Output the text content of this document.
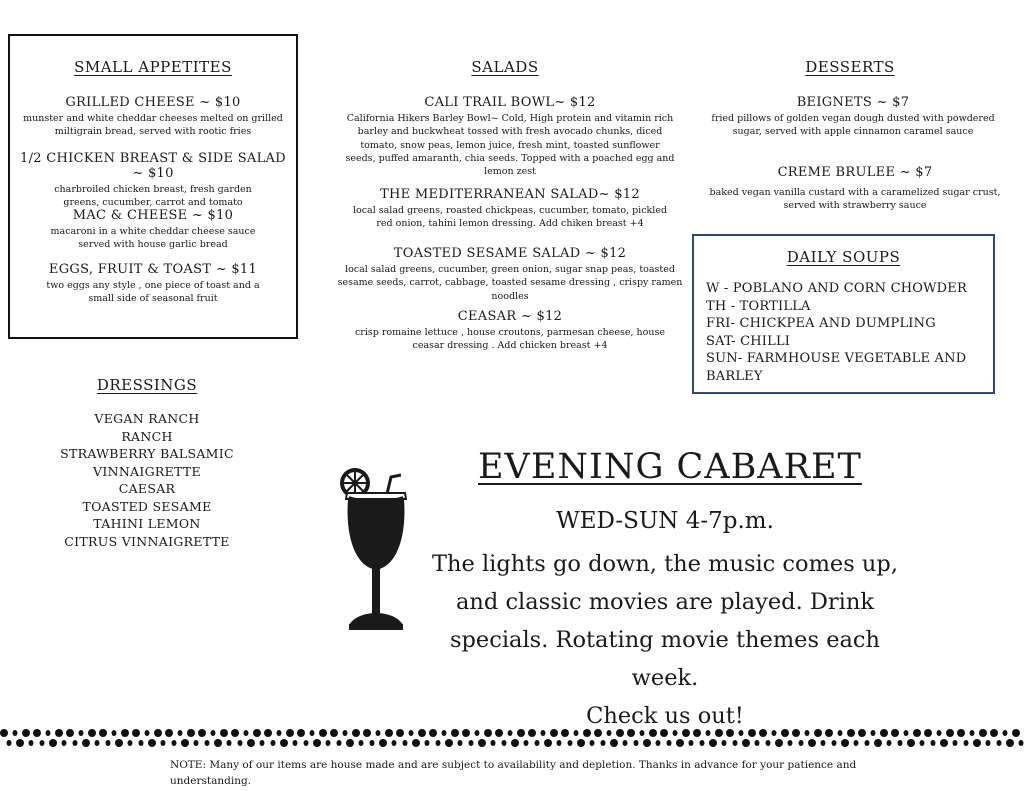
SMALL APPETITES
GRILLED CHEESE ~ $10
munster and white cheddar cheeses melted on grilled miltigrain bread, served with rootic fries
1/2 CHICKEN BREAST & SIDE SALAD ~ $10
charbroiled chicken breast, fresh garden greens, cucumber, carrot and tomato
MAC & CHEESE ~ $10
macaroni in a white cheddar cheese sauce served with house garlic bread
EGGS, FRUIT & TOAST ~ $11
two eggs any style , one piece of toast and a small side of seasonal fruit
SALADS
CALI TRAIL BOWL~ $12
California Hikers Barley Bowl~ Cold, High protein and vitamin rich barley and buckwheat tossed with fresh avocado chunks, diced tomato, snow peas, lemon juice, fresh mint, toasted sunflower seeds, puffed amaranth, chia seeds. Topped with a poached egg and lemon zest
THE MEDITERRANEAN SALAD~ $12
local salad greens, roasted chickpeas, cucumber, tomato, pickled red onion, tahini lemon dressing. Add chiken breast +4
TOASTED SESAME SALAD ~ $12
local salad greens, cucumber, green onion, sugar snap peas, toasted sesame seeds, carrot, cabbage, toasted sesame dressing , crispy ramen noodles
CEASAR ~ $12
crisp romaine lettuce , house croutons, parmesan cheese, house ceasar dressing . Add chicken breast +4
DESSERTS
BEIGNETS ~ $7
fried pillows of golden vegan dough dusted with powdered sugar, served with apple cinnamon caramel sauce
CREME BRULEE ~ $7
baked vegan vanilla custard with a caramelized sugar crust, served with strawberry sauce
DAILY SOUPS
W - POBLANO AND CORN CHOWDER
TH - TORTILLA
FRI- CHICKPEA AND DUMPLING
SAT- CHILLI
SUN- FARMHOUSE VEGETABLE AND BARLEY
DRESSINGS
VEGAN RANCH
RANCH
STRAWBERRY BALSAMIC VINNAIGRETTE
CAESAR
TOASTED SESAME
TAHINI LEMON
CITRUS VINNAIGRETTE
EVENING CABARET
WED-SUN 4-7p.m.
The lights go down, the music comes up,
and classic movies are played. Drink
specials. Rotating movie themes each week.
Check us out!
NOTE: Many of our items are house made and are subject to availability and depletion. Thanks in advance for your patience and
understanding.
